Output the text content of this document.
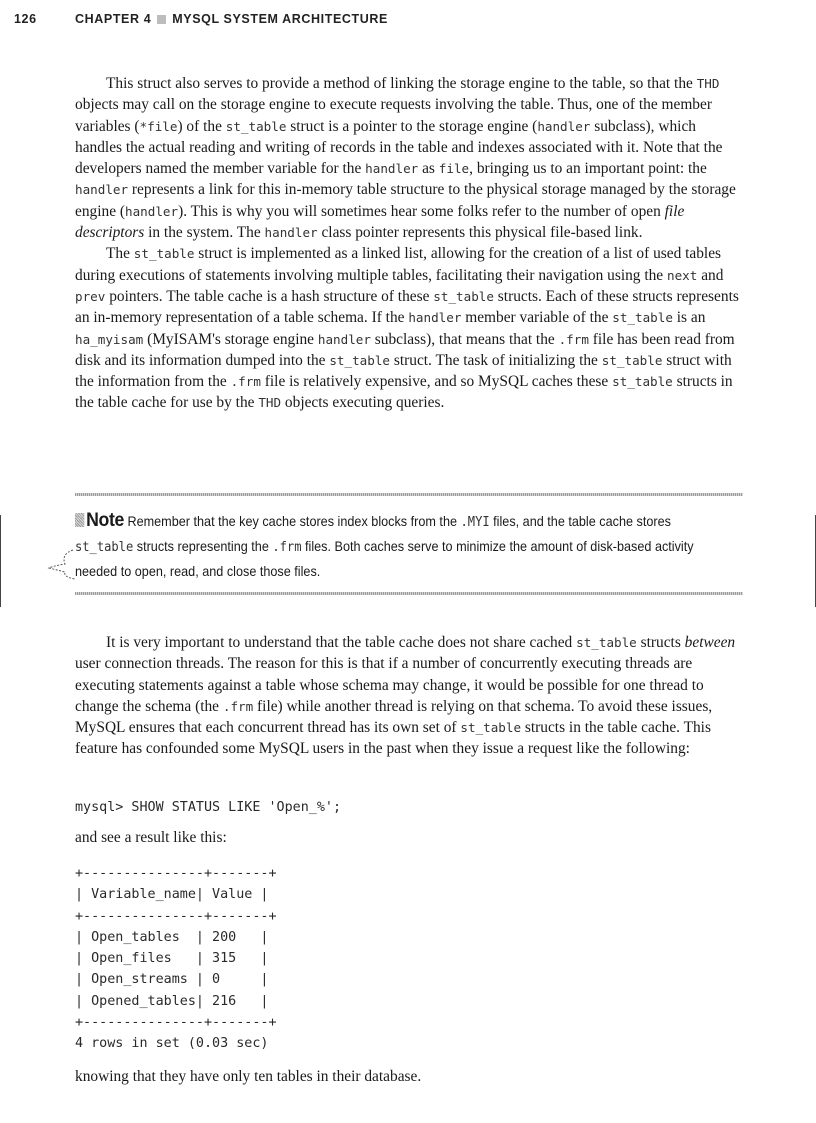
126	CHAPTER 4 MYSQL SYSTEM ARCHITECTURE

This struct also serves to provide a method of linking the storage engine to the table, so that the THD objects may call on the storage engine to execute requests involving the table. Thus, one of the member variables (*file) of the st_table struct is a pointer to the storage engine (handler subclass), which handles the actual reading and writing of records in the table and indexes associated with it. Note that the developers named the member variable for the handler as file, bringing us to an important point: the handler represents a link for this in-memory table structure to the physical storage managed by the storage engine (handler). This is why you will sometimes hear some folks refer to the number of open file descriptors in the system. The handler class pointer represents this physical file-based link.

The st_table struct is implemented as a linked list, allowing for the creation of a list of used tables during executions of statements involving multiple tables, facilitating their navigation using the next and prev pointers. The table cache is a hash structure of these st_table structs. Each of these structs represents an in-memory representation of a table schema. If the handler member variable of the st_table is an ha_myisam (MyISAM's storage engine handler subclass), that means that the .frm file has been read from disk and its information dumped into the st_table struct. The task of initializing the st_table struct with the information from the .frm file is relatively expensive, and so MySQL caches these st_table structs in the table cache for use by the THD objects executing queries.

Note Remember that the key cache stores index blocks from the .MYI files, and the table cache stores st_table structs representing the .frm files. Both caches serve to minimize the amount of disk-based activity needed to open, read, and close those files.

It is very important to understand that the table cache does not share cached st_table structs between user connection threads. The reason for this is that if a number of concurrently executing threads are executing statements against a table whose schema may change, it would be possible for one thread to change the schema (the .frm file) while another thread is relying on that schema. To avoid these issues, MySQL ensures that each concurrent thread has its own set of st_table structs in the table cache. This feature has confounded some MySQL users in the past when they issue a request like the following:

mysql> SHOW STATUS LIKE 'Open_%';
and see a result like this:
+---------------+-------+
| Variable_name| Value |
+---------------+-------+
| Open_tables  | 200   |
| Open_files   | 315   |
| Open_streams | 0     |
| Opened_tables| 216   |
+---------------+-------+
4 rows in set (0.03 sec)
knowing that they have only ten tables in their database.
